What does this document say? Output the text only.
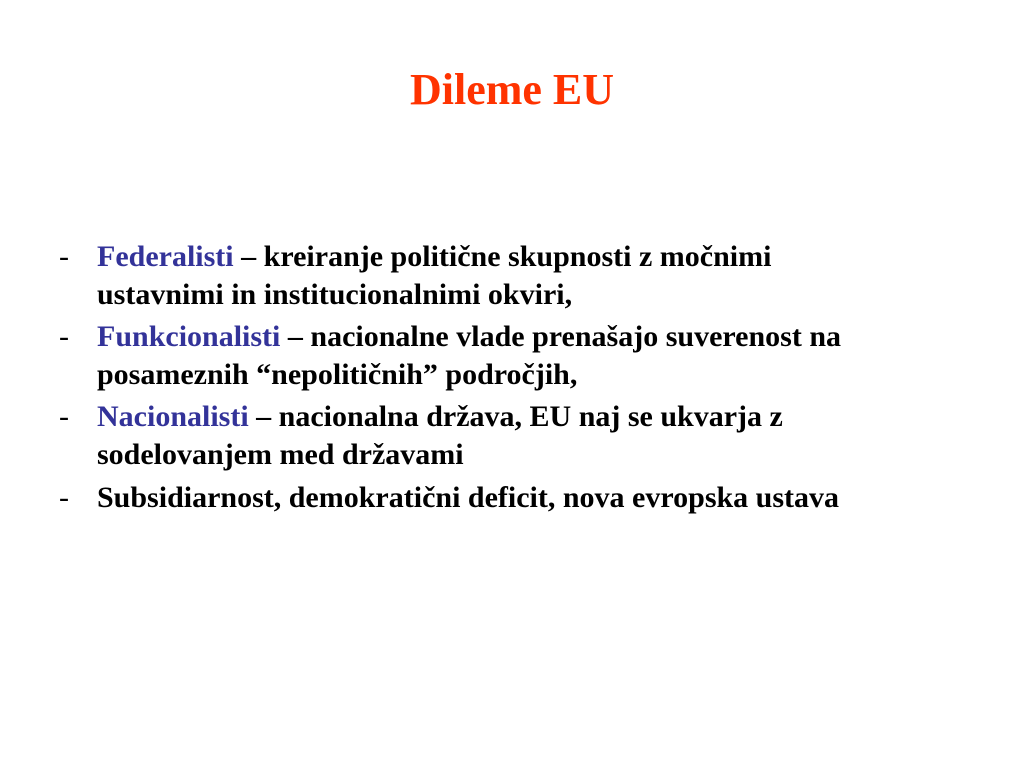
Dileme EU
- Federalisti – kreiranje politične skupnosti z močnimi ustavnimi in institucionalnimi okviri,
- Funkcionalisti – nacionalne vlade prenašajo suverenost na posameznih “nepolitičnih” področjih,
- Nacionalisti – nacionalna država, EU naj se ukvarja z sodelovanjem med državami
- Subsidiarnost, demokratični deficit, nova evropska ustava
